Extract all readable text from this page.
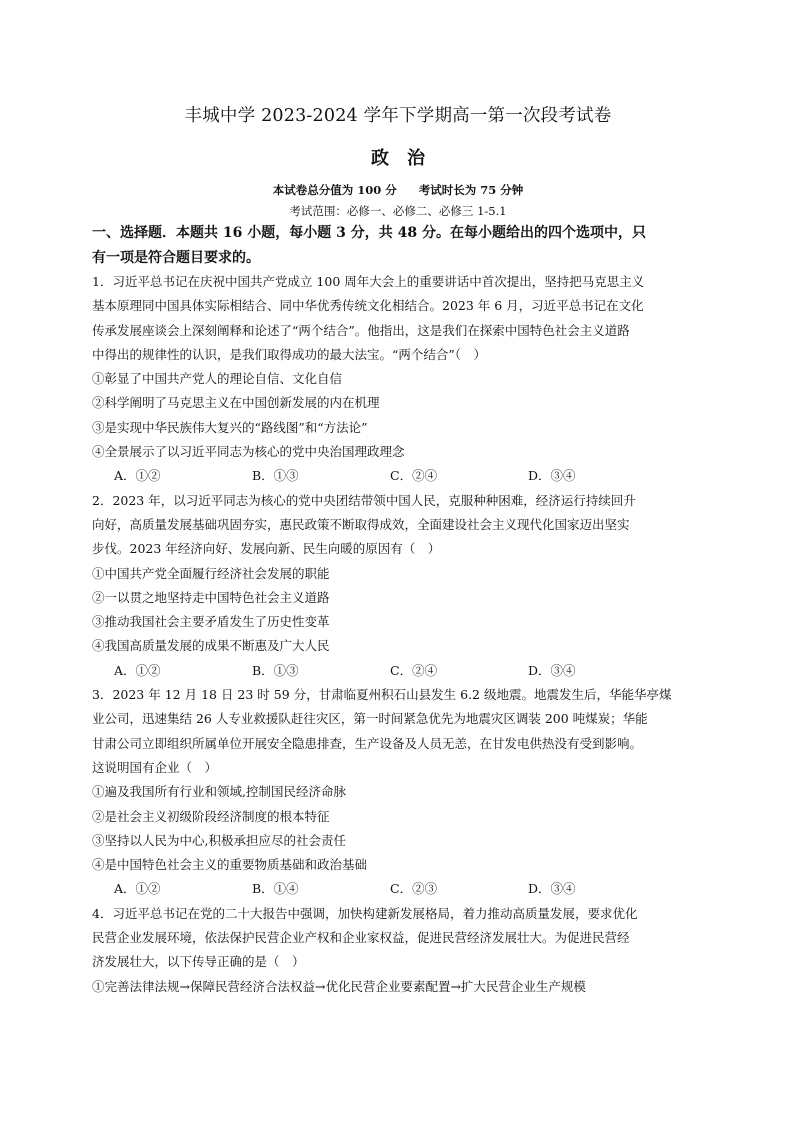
丰城中学 2023-2024 学年下学期高一第一次段考试卷
政　治
本试卷总分值为 100 分 考试时长为 75 分钟
考试范围：必修一、必修二、必修三 1-5.1
一、选择题．本题共 16 小题，每小题 3 分，共 48 分。在每小题给出的四个选项中，只
有一项是符合题目要求的。
1．习近平总书记在庆祝中国共产党成立 100 周年大会上的重要讲话中首次提出，坚持把马克思主义
基本原理同中国具体实际相结合、同中华优秀传统文化相结合。2023 年 6 月，习近平总书记在文化
传承发展座谈会上深刻阐释和论述了“两个结合”。他指出，这是我们在探索中国特色社会主义道路
中得出的规律性的认识，是我们取得成功的最大法宝。“两个结合”（　）
①彰显了中国共产党人的理论自信、文化自信
②科学阐明了马克思主义在中国创新发展的内在机理
③是实现中华民族伟大复兴的“路线图”和“方法论”
④全景展示了以习近平同志为核心的党中央治国理政理念
A．①②	B．①③	C．②④	D．③④
2．2023 年，以习近平同志为核心的党中央团结带领中国人民，克服种种困难，经济运行持续回升
向好，高质量发展基础巩固夯实，惠民政策不断取得成效，全面建设社会主义现代化国家迈出坚实
步伐。2023 年经济向好、发展向新、民生向暖的原因有（　）
①中国共产党全面履行经济社会发展的职能
②一以贯之地坚持走中国特色社会主义道路
③推动我国社会主要矛盾发生了历史性变革
④我国高质量发展的成果不断惠及广大人民
A．①②	B．①③	C．②④	D．③④
3．2023 年 12 月 18 日 23 时 59 分，甘肃临夏州积石山县发生 6.2 级地震。地震发生后，华能华亭煤
业公司，迅速集结 26 人专业救援队赶往灾区，第一时间紧急优先为地震灾区调装 200 吨煤炭；华能
甘肃公司立即组织所属单位开展安全隐患排查，生产设备及人员无恙，在甘发电供热没有受到影响。
这说明国有企业（　）
①遍及我国所有行业和领域,控制国民经济命脉
②是社会主义初级阶段经济制度的根本特征
③坚持以人民为中心,积极承担应尽的社会责任
④是中国特色社会主义的重要物质基础和政治基础
A．①②	B．①④	C．②③	D．③④
4．习近平总书记在党的二十大报告中强调，加快构建新发展格局，着力推动高质量发展，要求优化
民营企业发展环境，依法保护民营企业产权和企业家权益，促进民营经济发展壮大。为促进民营经
济发展壮大，以下传导正确的是（　）
①完善法律法规→保障民营经济合法权益→优化民营企业要素配置→扩大民营企业生产规模
